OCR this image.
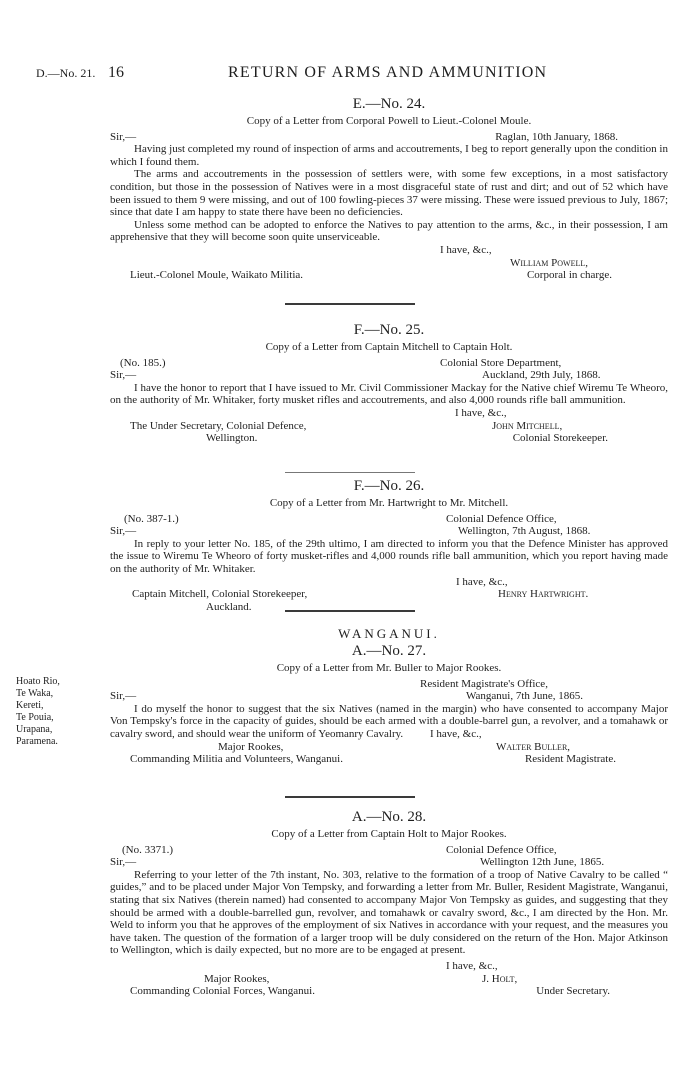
D.—No. 21. 16	RETURN OF ARMS AND AMMUNITION
E.—No. 24.
Copy of a Letter from Corporal Powell to Lieut.-Colonel Moule.
Sir,—	Raglan, 10th January, 1868.
Having just completed my round of inspection of arms and accoutrements, I beg to report generally upon the condition in which I found them.
The arms and accoutrements in the possession of settlers were, with some few exceptions, in a most satisfactory condition, but those in the possession of Natives were in a most disgraceful state of rust and dirt; and out of 52 which have been issued to them 9 were missing, and out of 100 fowling-pieces 37 were missing. These were issued previous to July, 1867; since that date I am happy to state there have been no deficiencies.
Unless some method can be adopted to enforce the Natives to pay attention to the arms, &c., in their possession, I am apprehensive that they will become soon quite unserviceable.
I have, &c.,
William Powell,
Lieut.-Colonel Moule, Waikato Militia.	Corporal in charge.
F.—No. 25.
Copy of a Letter from Captain Mitchell to Captain Holt.
(No. 185.)	Colonial Store Department,
Sir,—	Auckland, 29th July, 1868.
I have the honor to report that I have issued to Mr. Civil Commissioner Mackay for the Native chief Wiremu Te Wheoro, on the authority of Mr. Whitaker, forty musket rifles and accoutrements, and also 4,000 rounds rifle ball ammunition.
I have, &c.,
The Under Secretary, Colonial Defence,	John Mitchell,
Wellington.	Colonial Storekeeper.
F.—No. 26.
Copy of a Letter from Mr. Hartwright to Mr. Mitchell.
(No. 387-1.)	Colonial Defence Office,
Sir,—	Wellington, 7th August, 1868.
In reply to your letter No. 185, of the 29th ultimo, I am directed to inform you that the Defence Minister has approved the issue to Wiremu Te Wheoro of forty musket-rifles and 4,000 rounds rifle ball ammunition, which you report having made on the authority of Mr. Whitaker.
I have, &c.,
Captain Mitchell, Colonial Storekeeper,	Henry Hartwright.
Auckland.
WANGANUI.
A.—No. 27.
Copy of a Letter from Mr. Buller to Major Rookes.
Resident Magistrate's Office,
Sir,—	Wanganui, 7th June, 1865.
I do myself the honor to suggest that the six Natives (named in the margin) who have consented to accompany Major Von Tempsky's force in the capacity of guides, should be each armed with a double-barrel gun, a revolver, and a tomahawk or cavalry sword, and should wear the uniform of Yeomanry Cavalry.	I have, &c.,
Major Rookes,	Walter Buller,
Commanding Militia and Volunteers, Wanganui.	Resident Magistrate.
Hoato Rio,
Te Waka,
Kereti,
Te Pouia,
Urapana,
Paramena.
A.—No. 28.
Copy of a Letter from Captain Holt to Major Rookes.
(No. 3371.)	Colonial Defence Office,
Sir,—	Wellington 12th June, 1865.
Referring to your letter of the 7th instant, No. 303, relative to the formation of a troop of Native Cavalry to be called “ guides,” and to be placed under Major Von Tempsky, and forwarding a letter from Mr. Buller, Resident Magistrate, Wanganui, stating that six Natives (therein named) had consented to accompany Major Von Tempsky as guides, and suggesting that they should be armed with a double-barrelled gun, revolver, and tomahawk or cavalry sword, &c., I am directed by the Hon. Mr. Weld to inform you that he approves of the employment of six Natives in accordance with your request, and the measures you have taken. The question of the formation of a larger troop will be duly considered on the return of the Hon. Major Atkinson to Wellington, which is daily expected, but no more are to be engaged at present.
I have, &c.,
Major Rookes,	J. Holt,
Commanding Colonial Forces, Wanganui.	Under Secretary.
